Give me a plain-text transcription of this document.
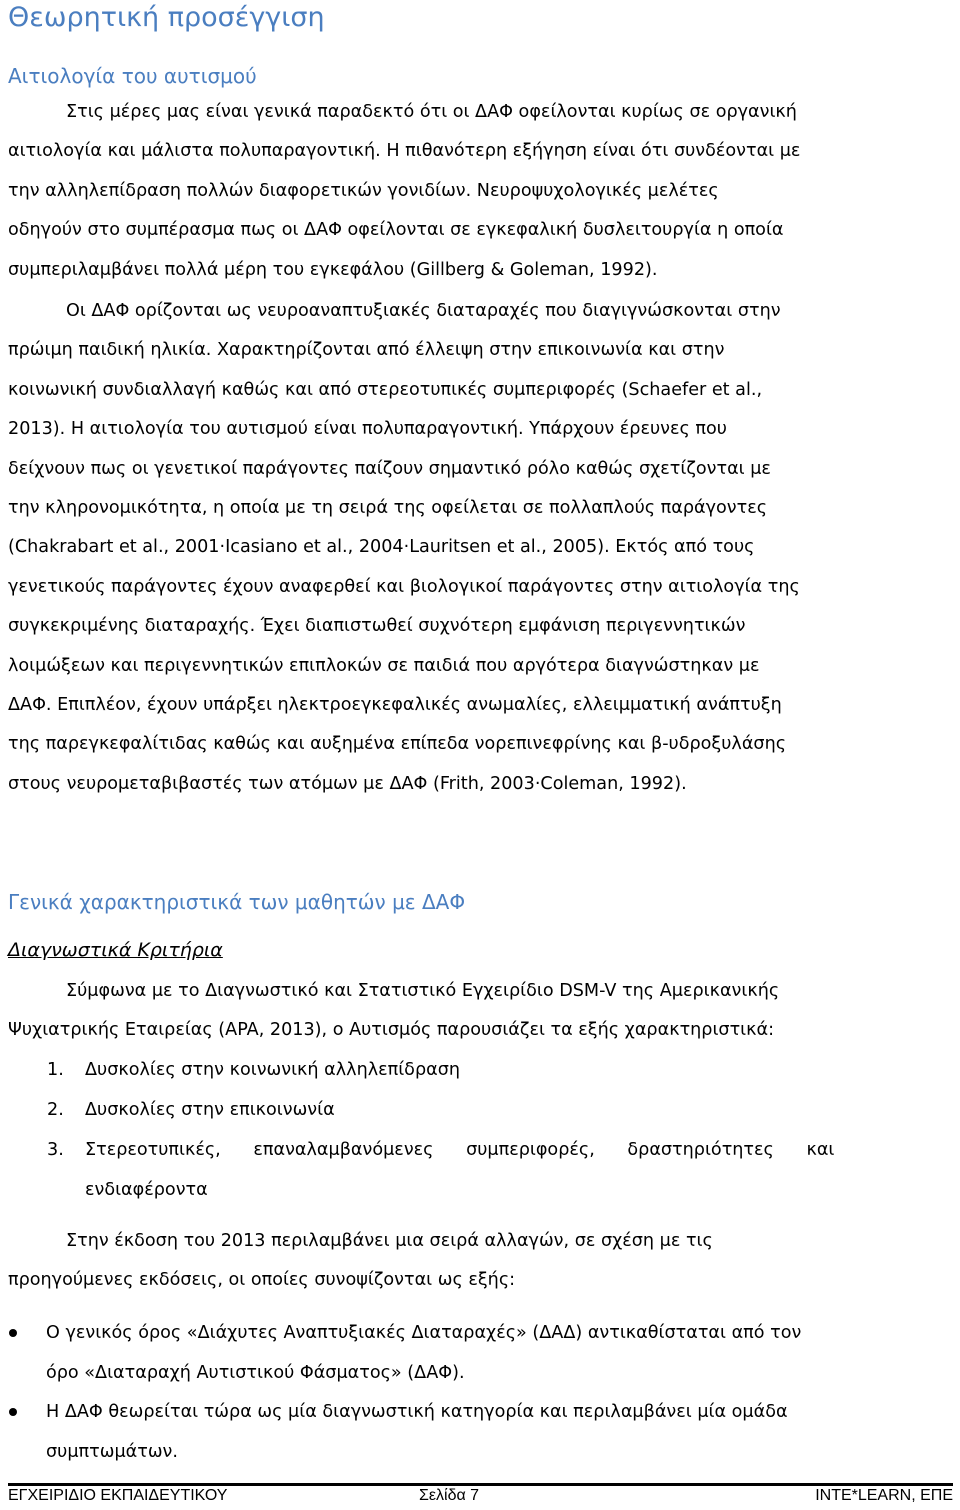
Θεωρητική προσέγγιση
Αιτιολογία του αυτισμού
Στις μέρες μας είναι γενικά παραδεκτό ότι οι ΔΑΦ οφείλονται κυρίως σε οργανική
αιτιολογία και μάλιστα πολυπαραγοντική. Η πιθανότερη εξήγηση είναι ότι συνδέονται με
την αλληλεπίδραση πολλών διαφορετικών γονιδίων. Νευροψυχολογικές μελέτες
οδηγούν στο συμπέρασμα πως οι ΔΑΦ οφείλονται σε εγκεφαλική δυσλειτουργία η οποία
συμπεριλαμβάνει πολλά μέρη του εγκεφάλου (Gillberg & Goleman, 1992).
Οι ΔΑΦ ορίζονται ως νευροαναπτυξιακές διαταραχές που διαγιγνώσκονται στην
πρώιμη παιδική ηλικία. Χαρακτηρίζονται από έλλειψη στην επικοινωνία και στην
κοινωνική συνδιαλλαγή καθώς και από στερεοτυπικές συμπεριφορές (Schaefer et al.,
2013). Η αιτιολογία του αυτισμού είναι πολυπαραγοντική. Υπάρχουν έρευνες που
δείχνουν πως οι γενετικοί παράγοντες παίζουν σημαντικό ρόλο καθώς σχετίζονται με
την κληρονομικότητα, η οποία με τη σειρά της οφείλεται σε πολλαπλούς παράγοντες
(Chakrabart et al., 2001·Icasiano et al., 2004·Lauritsen et al., 2005). Εκτός από τους
γενετικούς παράγοντες έχουν αναφερθεί και βιολογικοί παράγοντες στην αιτιολογία της
συγκεκριμένης διαταραχής. Έχει διαπιστωθεί συχνότερη εμφάνιση περιγεννητικών
λοιμώξεων και περιγεννητικών επιπλοκών σε παιδιά που αργότερα διαγνώστηκαν με
ΔΑΦ. Επιπλέον, έχουν υπάρξει ηλεκτροεγκεφαλικές ανωμαλίες, ελλειμματική ανάπτυξη
της παρεγκεφαλίτιδας καθώς και αυξημένα επίπεδα νορεπινεφρίνης και β-υδροξυλάσης
στους νευρομεταβιβαστές των ατόμων με ΔΑΦ (Frith, 2003·Coleman, 1992).
Γενικά χαρακτηριστικά των μαθητών με ΔΑΦ
Διαγνωστικά Κριτήρια
Σύμφωνα με το Διαγνωστικό και Στατιστικό Εγχειρίδιο DSM-V της Αμερικανικής
Ψυχιατρικής Εταιρείας (APA, 2013), ο Αυτισμός παρουσιάζει τα εξής χαρακτηριστικά:
1. Δυσκολίες στην κοινωνική αλληλεπίδραση
2. Δυσκολίες στην επικοινωνία
3. Στερεοτυπικές, επαναλαμβανόμενες συμπεριφορές, δραστηριότητες και
ενδιαφέροντα
Στην έκδοση του 2013 περιλαμβάνει μια σειρά αλλαγών, σε σχέση με τις
προηγούμενες εκδόσεις, οι οποίες συνοψίζονται ως εξής:
Ο γενικός όρος «Διάχυτες Αναπτυξιακές Διαταραχές» (ΔΑΔ) αντικαθίσταται από τον
όρο «Διαταραχή Αυτιστικού Φάσματος» (ΔΑΦ).
Η ΔΑΦ θεωρείται τώρα ως μία διαγνωστική κατηγορία και περιλαμβάνει μία ομάδα
συμπτωμάτων.
ΕΓΧΕΙΡΙΔΙΟ ΕΚΠΑΙΔΕΥΤΙΚΟΥ	Σελίδα 7	INTE*LEARN, ΕΠΕ
